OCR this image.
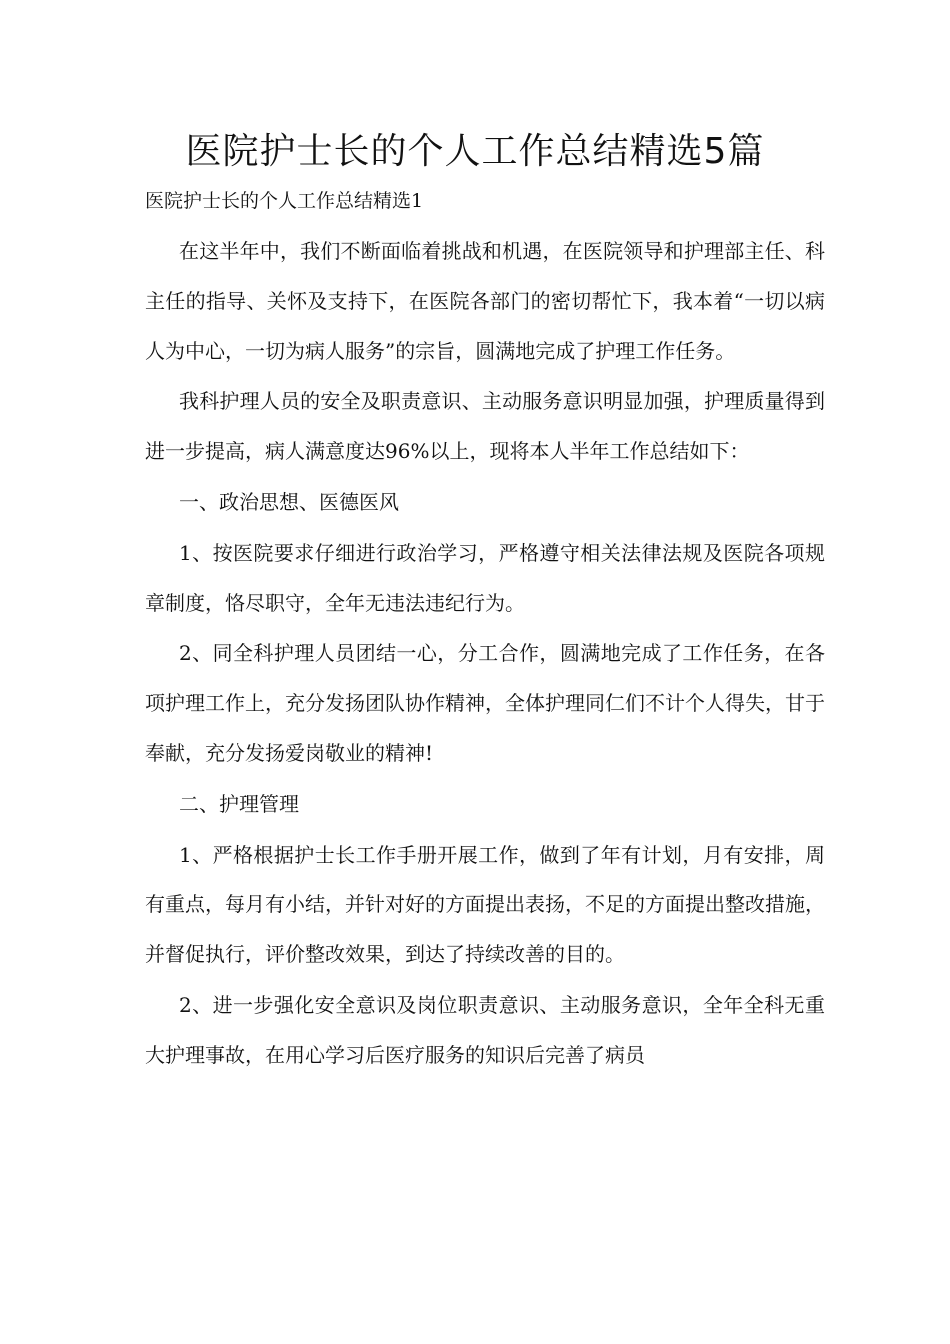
医院护士长的个人工作总结精选5篇

医院护士长的个人工作总结精选1

在这半年中，我们不断面临着挑战和机遇，在医院领导和护理部主任、科主任的指导、关怀及支持下，在医院各部门的密切帮忙下，我本着“一切以病人为中心，一切为病人服务”的宗旨，圆满地完成了护理工作任务。

我科护理人员的安全及职责意识、主动服务意识明显加强，护理质量得到进一步提高，病人满意度达96%以上，现将本人半年工作总结如下：

一、政治思想、医德医风

1、按医院要求仔细进行政治学习，严格遵守相关法律法规及医院各项规章制度，恪尽职守，全年无违法违纪行为。

2、同全科护理人员团结一心，分工合作，圆满地完成了工作任务，在各项护理工作上，充分发扬团队协作精神，全体护理同仁们不计个人得失，甘于奉献，充分发扬爱岗敬业的精神!

二、护理管理

1、严格根据护士长工作手册开展工作，做到了年有计划，月有安排，周有重点，每月有小结，并针对好的方面提出表扬，不足的方面提出整改措施，并督促执行，评价整改效果，到达了持续改善的目的。

2、进一步强化安全意识及岗位职责意识、主动服务意识，全年全科无重大护理事故，在用心学习后医疗服务的知识后完善了病员
